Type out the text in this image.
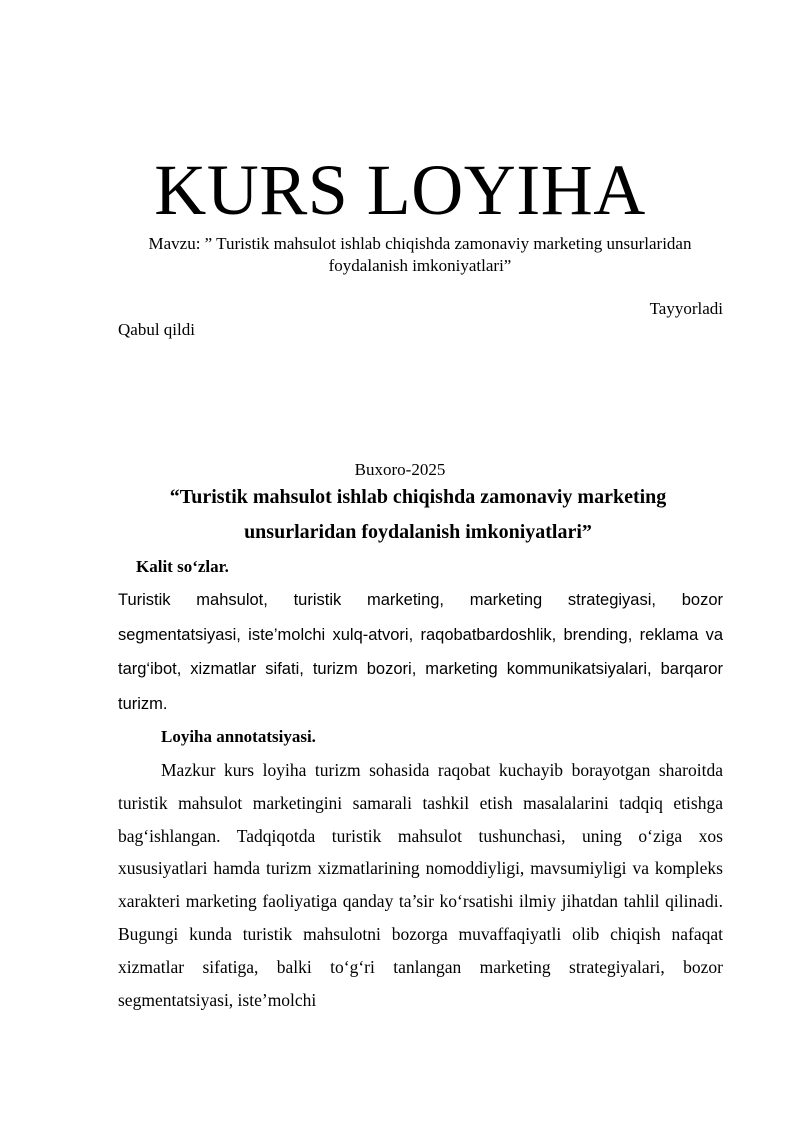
KURS LOYIHA
Mavzu: ” Turistik mahsulot ishlab chiqishda zamonaviy marketing unsurlaridan foydalanish imkoniyatlari”
Tayyorladi
Qabul qildi
Buxoro-2025
“Turistik mahsulot ishlab chiqishda zamonaviy marketing unsurlaridan foydalanish imkoniyatlari”
Kalit so‘zlar.
Turistik mahsulot, turistik marketing, marketing strategiyasi, bozor segmentatsiyasi, iste’molchi xulq-atvori, raqobatbardoshlik, brending, reklama va targ‘ibot, xizmatlar sifati, turizm bozori, marketing kommunikatsiyalari, barqaror turizm.
Loyiha annotatsiyasi.
Mazkur kurs loyiha turizm sohasida raqobat kuchayib borayotgan sharoitda turistik mahsulot marketingini samarali tashkil etish masalalarini tadqiq etishga bag‘ishlangan. Tadqiqotda turistik mahsulot tushunchasi, uning o‘ziga xos xususiyatlari hamda turizm xizmatlarining nomoddiyligi, mavsumiyligi va kompleks xarakteri marketing faoliyatiga qanday ta’sir ko‘rsatishi ilmiy jihatdan tahlil qilinadi. Bugungi kunda turistik mahsulotni bozorga muvaffaqiyatli olib chiqish nafaqat xizmatlar sifatiga, balki to‘g‘ri tanlangan marketing strategiyalari, bozor segmentatsiyasi, iste’molchi
